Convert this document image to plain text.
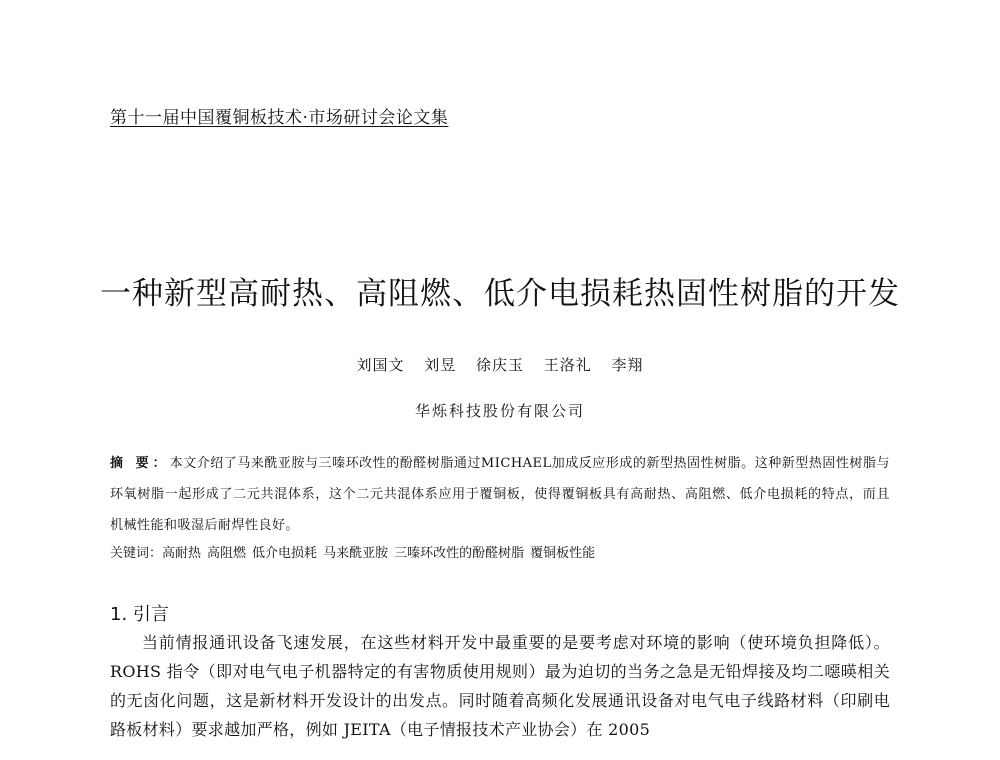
第十一届中国覆铜板技术·市场研讨会论文集
一种新型高耐热、高阻燃、低介电损耗热固性树脂的开发
刘国文 刘昱 徐庆玉 王洛礼 李翔
华烁科技股份有限公司
摘 要：本文介绍了马来酰亚胺与三嗪环改性的酚醛树脂通过MICHAEL加成反应形成的新型热固性树脂。这种新型热固性树脂与环氧树脂一起形成了二元共混体系，这个二元共混体系应用于覆铜板，使得覆铜板具有高耐热、高阻燃、低介电损耗的特点，而且机械性能和吸湿后耐焊性良好。
关键词：高耐热 高阻燃 低介电损耗 马来酰亚胺 三嗪环改性的酚醛树脂 覆铜板性能
1. 引言
当前情报通讯设备飞速发展，在这些材料开发中最重要的是要考虑对环境的影响（使环境负担降低）。ROHS 指令（即对电气电子机器特定的有害物质使用规则）最为迫切的当务之急是无铅焊接及均二噁暎相关的无卤化问题，这是新材料开发设计的出发点。同时随着高频化发展通讯设备对电气电子线路材料（印刷电路板材料）要求越加严格，例如 JEITA（电子情报技术产业协会）在 2005
